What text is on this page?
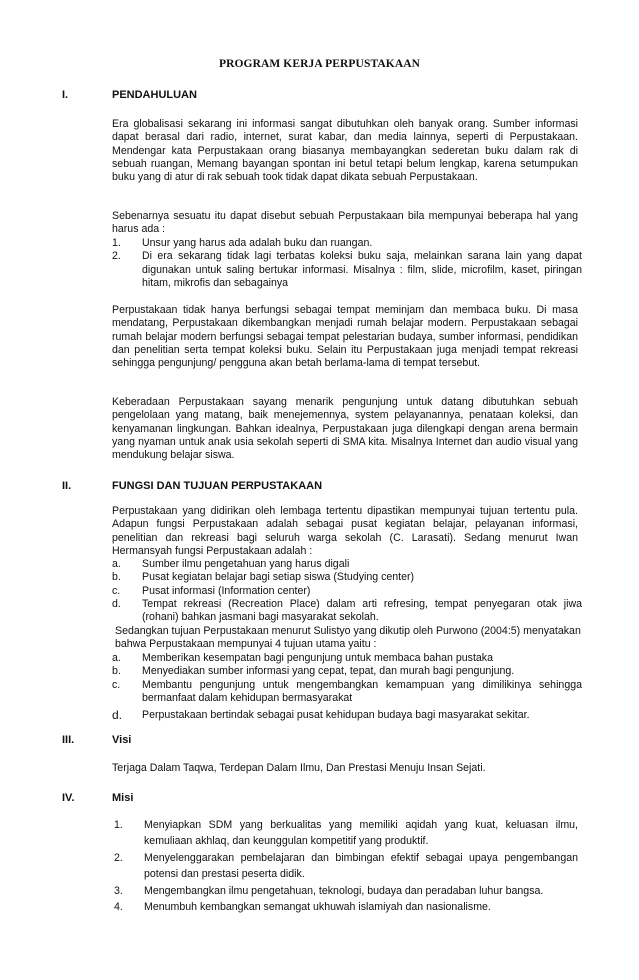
PROGRAM KERJA PERPUSTAKAAN
I.	PENDAHULUAN

Era globalisasi sekarang ini informasi sangat dibutuhkan oleh banyak orang. Sumber informasi dapat berasal dari radio, internet, surat kabar, dan media lainnya, seperti di Perpustakaan. Mendengar kata Perpustakaan orang biasanya membayangkan sederetan buku dalam rak di sebuah ruangan, Memang bayangan spontan ini betul tetapi belum lengkap, karena setumpukan buku yang di atur di rak sebuah took tidak dapat dikata sebuah Perpustakaan.

Sebenarnya sesuatu itu dapat disebut sebuah Perpustakaan bila mempunyai beberapa hal yang harus ada :

1. Unsur yang harus ada adalah buku dan ruangan.
2. Di era sekarang tidak lagi terbatas koleksi buku saja, melainkan sarana lain yang dapat digunakan untuk saling bertukar informasi. Misalnya : film, slide, microfilm, kaset, piringan hitam, mikrofis dan sebagainya

Perpustakaan tidak hanya berfungsi sebagai tempat meminjam dan membaca buku. Di masa mendatang, Perpustakaan dikembangkan menjadi rumah belajar modern. Perpustakaan sebagai rumah belajar modern berfungsi sebagai tempat pelestarian budaya, sumber informasi, pendidikan dan penelitian serta tempat koleksi buku. Selain itu Perpustakaan juga menjadi tempat rekreasi sehingga pengunjung/ pengguna akan betah berlama-lama di tempat tersebut.

Keberadaan Perpustakaan sayang menarik pengunjung untuk datang dibutuhkan sebuah pengelolaan yang matang, baik menejemennya, system pelayanannya, penataan koleksi, dan kenyamanan lingkungan. Bahkan idealnya, Perpustakaan juga dilengkapi dengan arena bermain yang nyaman untuk anak usia sekolah seperti di SMA kita. Misalnya Internet dan audio visual yang mendukung belajar siswa.

II.	FUNGSI DAN TUJUAN PERPUSTAKAAN

Perpustakaan yang didirikan oleh lembaga tertentu dipastikan mempunyai tujuan tertentu pula. Adapun fungsi Perpustakaan adalah sebagai pusat kegiatan belajar, pelayanan informasi, penelitian dan rekreasi bagi seluruh warga sekolah (C. Larasati). Sedang menurut Iwan Hermansyah fungsi Perpustakaan adalah :

a. Sumber ilmu pengetahuan yang harus digali
b. Pusat kegiatan belajar bagi setiap siswa (Studying center)
c. Pusat informasi (Information center)
d. Tempat rekreasi (Recreation Place) dalam arti refresing, tempat penyegaran otak jiwa (rohani) bahkan jasmani bagi masyarakat sekolah.

Sedangkan tujuan Perpustakaan menurut Sulistyo yang dikutip oleh Purwono (2004:5) menyatakan bahwa Perpustakaan mempunyai 4 tujuan utama yaitu :

a. Memberikan kesempatan bagi pengunjung untuk membaca bahan pustaka
b. Menyediakan sumber informasi yang cepat, tepat, dan murah bagi pengunjung.
c. Membantu pengunjung untuk mengembangkan kemampuan yang dimilikinya sehingga bermanfaat dalam kehidupan bermasyarakat
d. Perpustakaan bertindak sebagai pusat kehidupan budaya bagi masyarakat sekitar.
III.	Visi

Terjaga Dalam Taqwa, Terdepan Dalam Ilmu, Dan Prestasi Menuju Insan Sejati.

IV.	Misi
1. Menyiapkan SDM yang berkualitas yang memiliki aqidah yang kuat, keluasan ilmu, kemuliaan akhlaq, dan keunggulan kompetitif yang produktif.
2. Menyelenggarakan pembelajaran dan bimbingan efektif sebagai upaya pengembangan potensi dan prestasi peserta didik.
3. Mengembangkan ilmu pengetahuan, teknologi, budaya dan peradaban luhur bangsa.
4. Menumbuh kembangkan semangat ukhuwah islamiyah dan nasionalisme.
